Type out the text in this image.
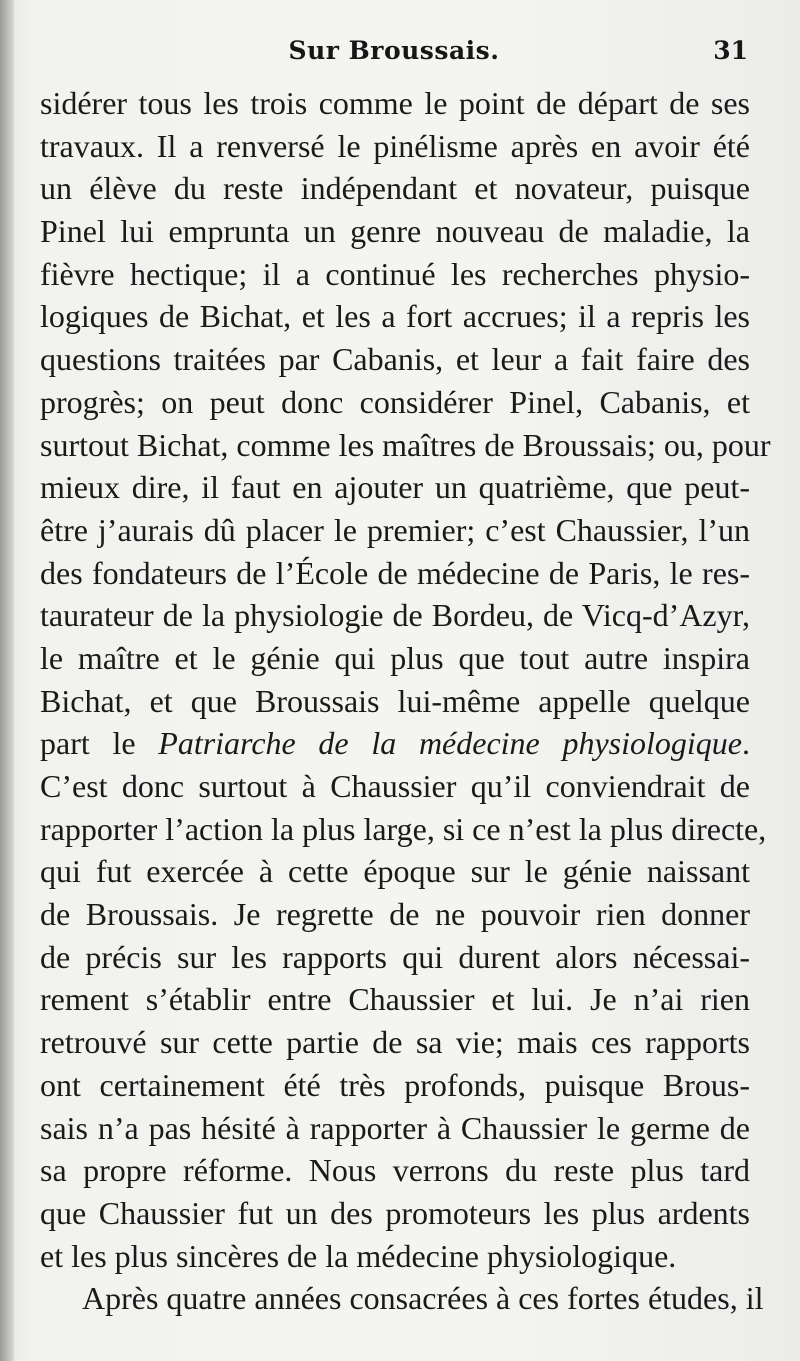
Sur Broussais.	31
sidérer tous les trois comme le point de départ de ses
travaux. Il a renversé le pinélisme après en avoir été
un élève du reste indépendant et novateur, puisque
Pinel lui emprunta un genre nouveau de maladie, la
fièvre hectique; il a continué les recherches physio-
logiques de Bichat, et les a fort accrues; il a repris les
questions traitées par Cabanis, et leur a fait faire des
progrès; on peut donc considérer Pinel, Cabanis, et
surtout Bichat, comme les maîtres de Broussais; ou, pour
mieux dire, il faut en ajouter un quatrième, que peut-
être j’aurais dû placer le premier; c’est Chaussier, l’un
des fondateurs de l’École de médecine de Paris, le res-
taurateur de la physiologie de Bordeu, de Vicq-d’Azyr,
le maître et le génie qui plus que tout autre inspira
Bichat, et que Broussais lui-même appelle quelque
part le Patriarche de la médecine physiologique.
C’est donc surtout à Chaussier qu’il conviendrait de
rapporter l’action la plus large, si ce n’est la plus directe,
qui fut exercée à cette époque sur le génie naissant
de Broussais. Je regrette de ne pouvoir rien donner
de précis sur les rapports qui durent alors nécessai-
rement s’établir entre Chaussier et lui. Je n’ai rien
retrouvé sur cette partie de sa vie; mais ces rapports
ont certainement été très profonds, puisque Brous-
sais n’a pas hésité à rapporter à Chaussier le germe de
sa propre réforme. Nous verrons du reste plus tard
que Chaussier fut un des promoteurs les plus ardents
et les plus sincères de la médecine physiologique.
Après quatre années consacrées à ces fortes études, il
